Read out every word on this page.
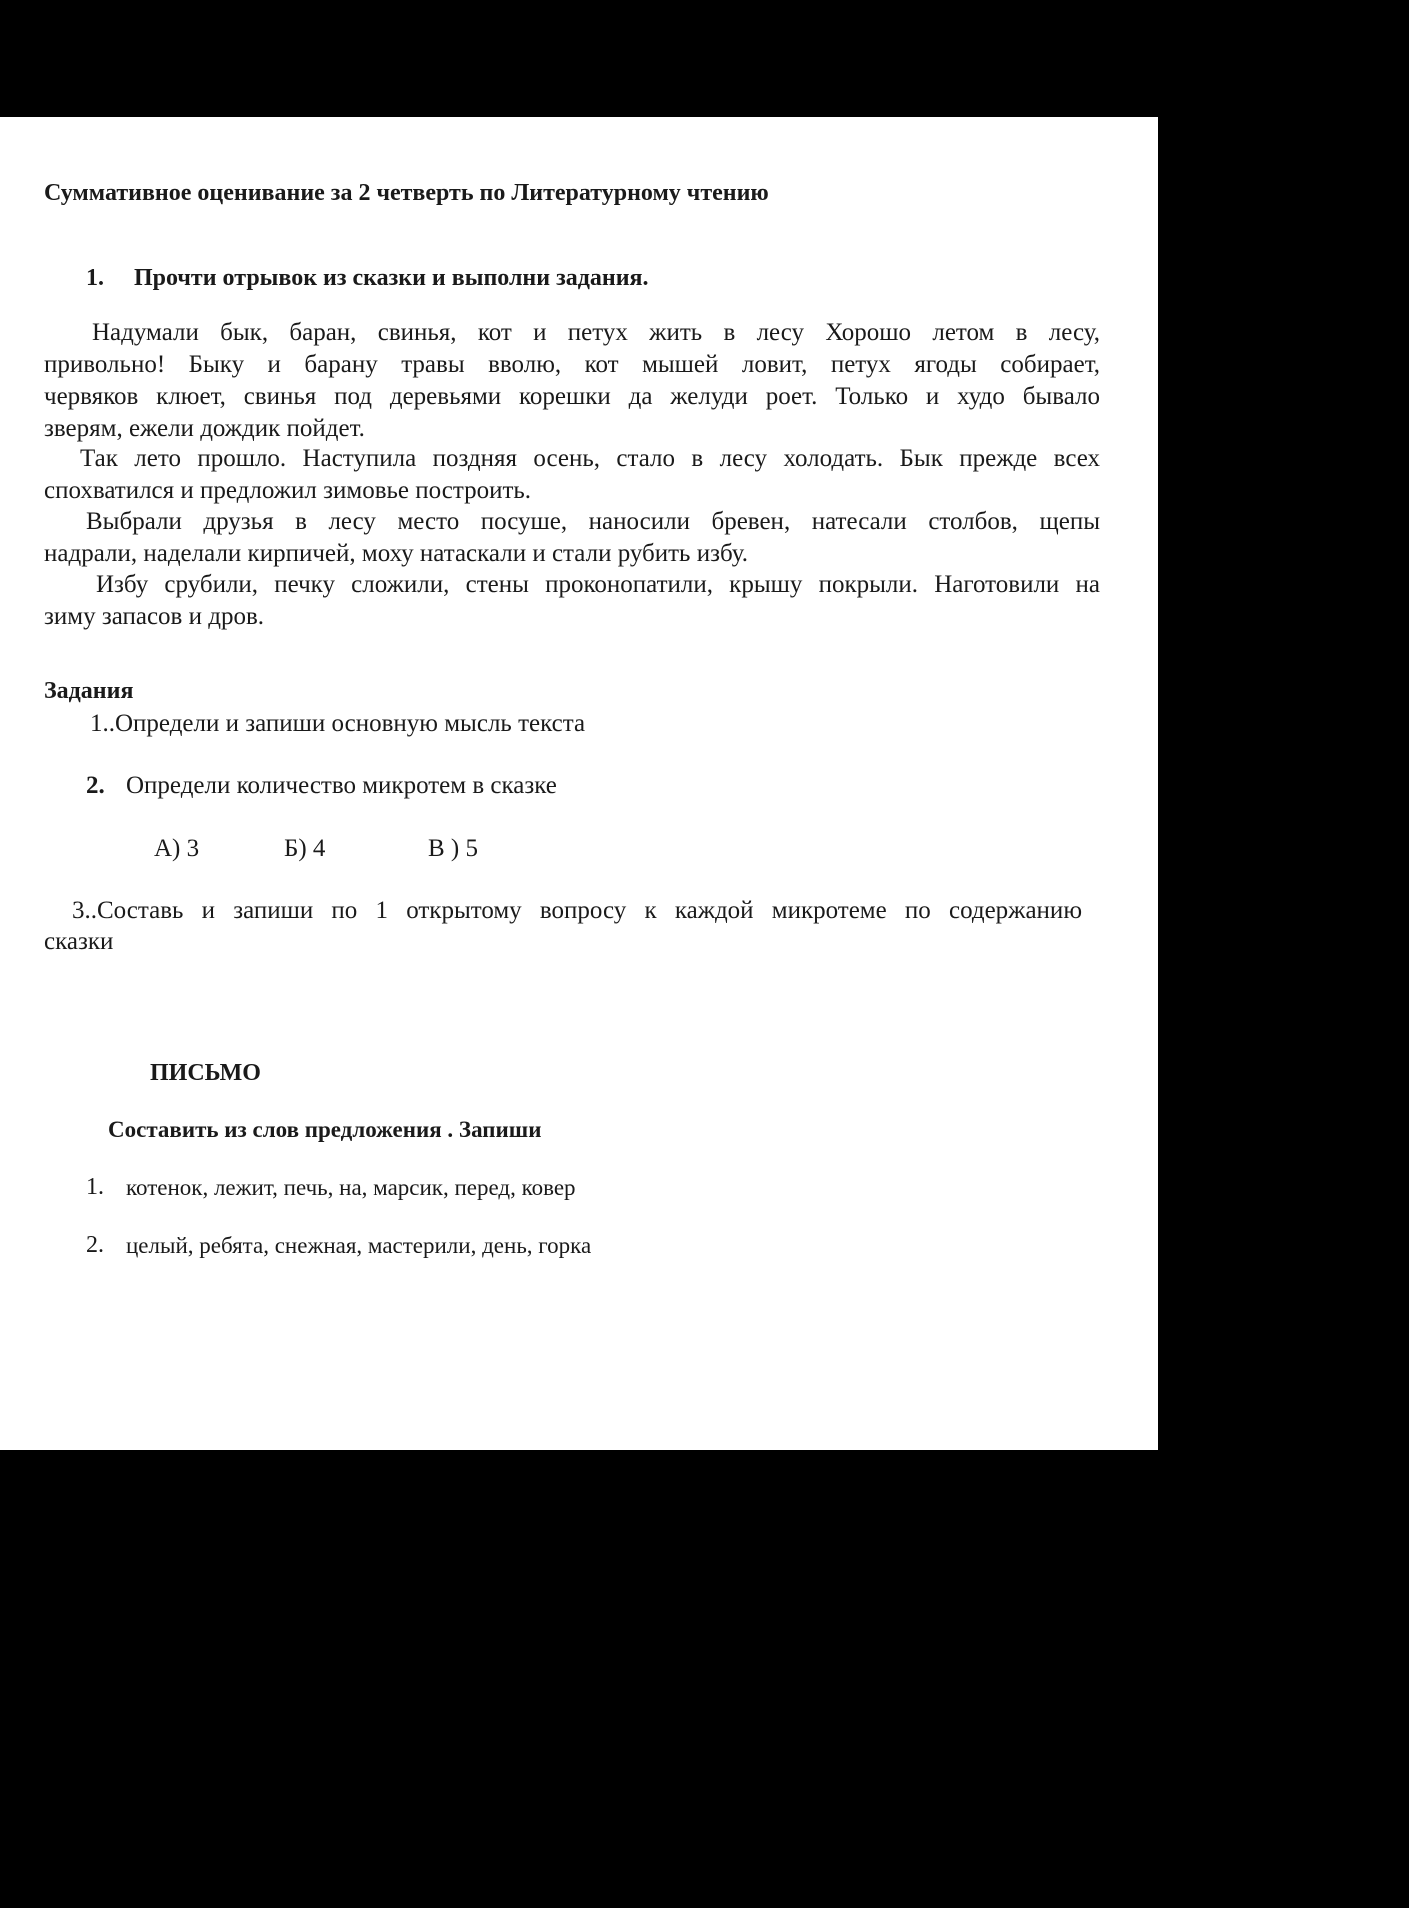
Суммативное оценивание за 2 четверть по Литературному чтению
1. Прочти отрывок из сказки и выполни задания.
Надумали бык, баран, свинья, кот и петух жить в лесу Хорошо летом в лесу,
привольно! Быку и барану травы вволю, кот мышей ловит, петух ягоды собирает,
червяков клюет, свинья под деревьями корешки да желуди роет. Только и худо бывало
зверям, ежели дождик пойдет.
Так лето прошло. Наступила поздняя осень, стало в лесу холодать. Бык прежде всех
спохватился и предложил зимовье построить.
Выбрали друзья в лесу место посуше, наносили бревен, натесали столбов, щепы
надрали, наделали кирпичей, моху натаскали и стали рубить избу.
Избу срубили, печку сложили, стены проконопатили, крышу покрыли. Наготовили на
зиму запасов и дров.
Задания
1..Определи и запиши основную мысль текста
2. Определи количество микротем в сказке
А) 3	Б) 4	В ) 5
3..Составь и запиши по 1 открытому вопросу к каждой микротеме по содержанию
сказки
ПИСЬМО
Составить из слов предложения . Запиши
1. котенок, лежит, печь, на, марсик, перед, ковер
2. целый, ребята, снежная, мастерили, день, горка
